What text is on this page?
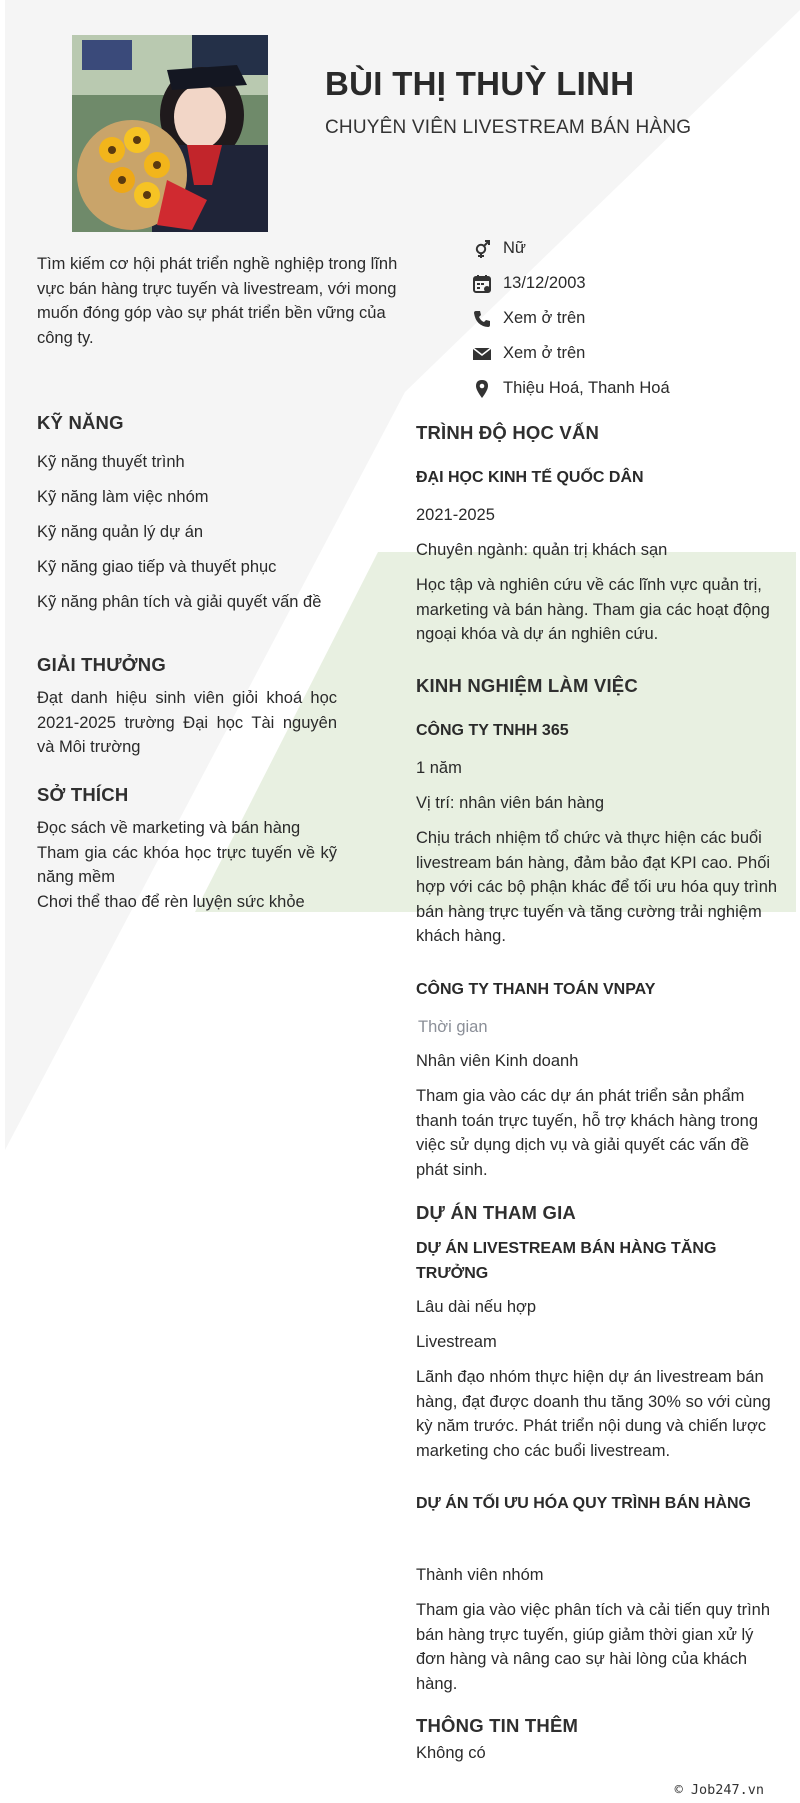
BÙI THỊ THUỲ LINH
CHUYÊN VIÊN LIVESTREAM BÁN HÀNG
Tìm kiếm cơ hội phát triển nghề nghiệp trong lĩnh vực bán hàng trực tuyến và livestream, với mong muốn đóng góp vào sự phát triển bền vững của công ty.
Nữ
13/12/2003
Xem ở trên
Xem ở trên
Thiệu Hoá, Thanh Hoá
KỸ NĂNG
Kỹ năng thuyết trình
Kỹ năng làm việc nhóm
Kỹ năng quản lý dự án
Kỹ năng giao tiếp và thuyết phục
Kỹ năng phân tích và giải quyết vấn đề
GIẢI THƯỞNG
Đạt danh hiệu sinh viên giỏi khoá học 2021-2025 trường Đại học Tài nguyên và Môi trường
SỞ THÍCH
Đọc sách về marketing và bán hàng
Tham gia các khóa học trực tuyến về kỹ năng mềm
Chơi thể thao để rèn luyện sức khỏe
TRÌNH ĐỘ HỌC VẤN
ĐẠI HỌC KINH TẾ QUỐC DÂN
2021-2025
Chuyên ngành: quản trị khách sạn
Học tập và nghiên cứu về các lĩnh vực quản trị, marketing và bán hàng. Tham gia các hoạt động ngoại khóa và dự án nghiên cứu.
KINH NGHIỆM LÀM VIỆC
CÔNG TY TNHH 365
1 năm
Vị trí: nhân viên bán hàng
Chịu trách nhiệm tổ chức và thực hiện các buổi livestream bán hàng, đảm bảo đạt KPI cao. Phối hợp với các bộ phận khác để tối ưu hóa quy trình bán hàng trực tuyến và tăng cường trải nghiệm khách hàng.
CÔNG TY THANH TOÁN VNPAY
Thời gian
Nhân viên Kinh doanh
Tham gia vào các dự án phát triển sản phẩm thanh toán trực tuyến, hỗ trợ khách hàng trong việc sử dụng dịch vụ và giải quyết các vấn đề phát sinh.
DỰ ÁN THAM GIA
DỰ ÁN LIVESTREAM BÁN HÀNG TĂNG TRƯỞNG
Lâu dài nếu hợp
Livestream
Lãnh đạo nhóm thực hiện dự án livestream bán hàng, đạt được doanh thu tăng 30% so với cùng kỳ năm trước. Phát triển nội dung và chiến lược marketing cho các buổi livestream.
DỰ ÁN TỐI ƯU HÓA QUY TRÌNH BÁN HÀNG
Thành viên nhóm
Tham gia vào việc phân tích và cải tiến quy trình bán hàng trực tuyến, giúp giảm thời gian xử lý đơn hàng và nâng cao sự hài lòng của khách hàng.
THÔNG TIN THÊM
Không có
© Job247.vn
